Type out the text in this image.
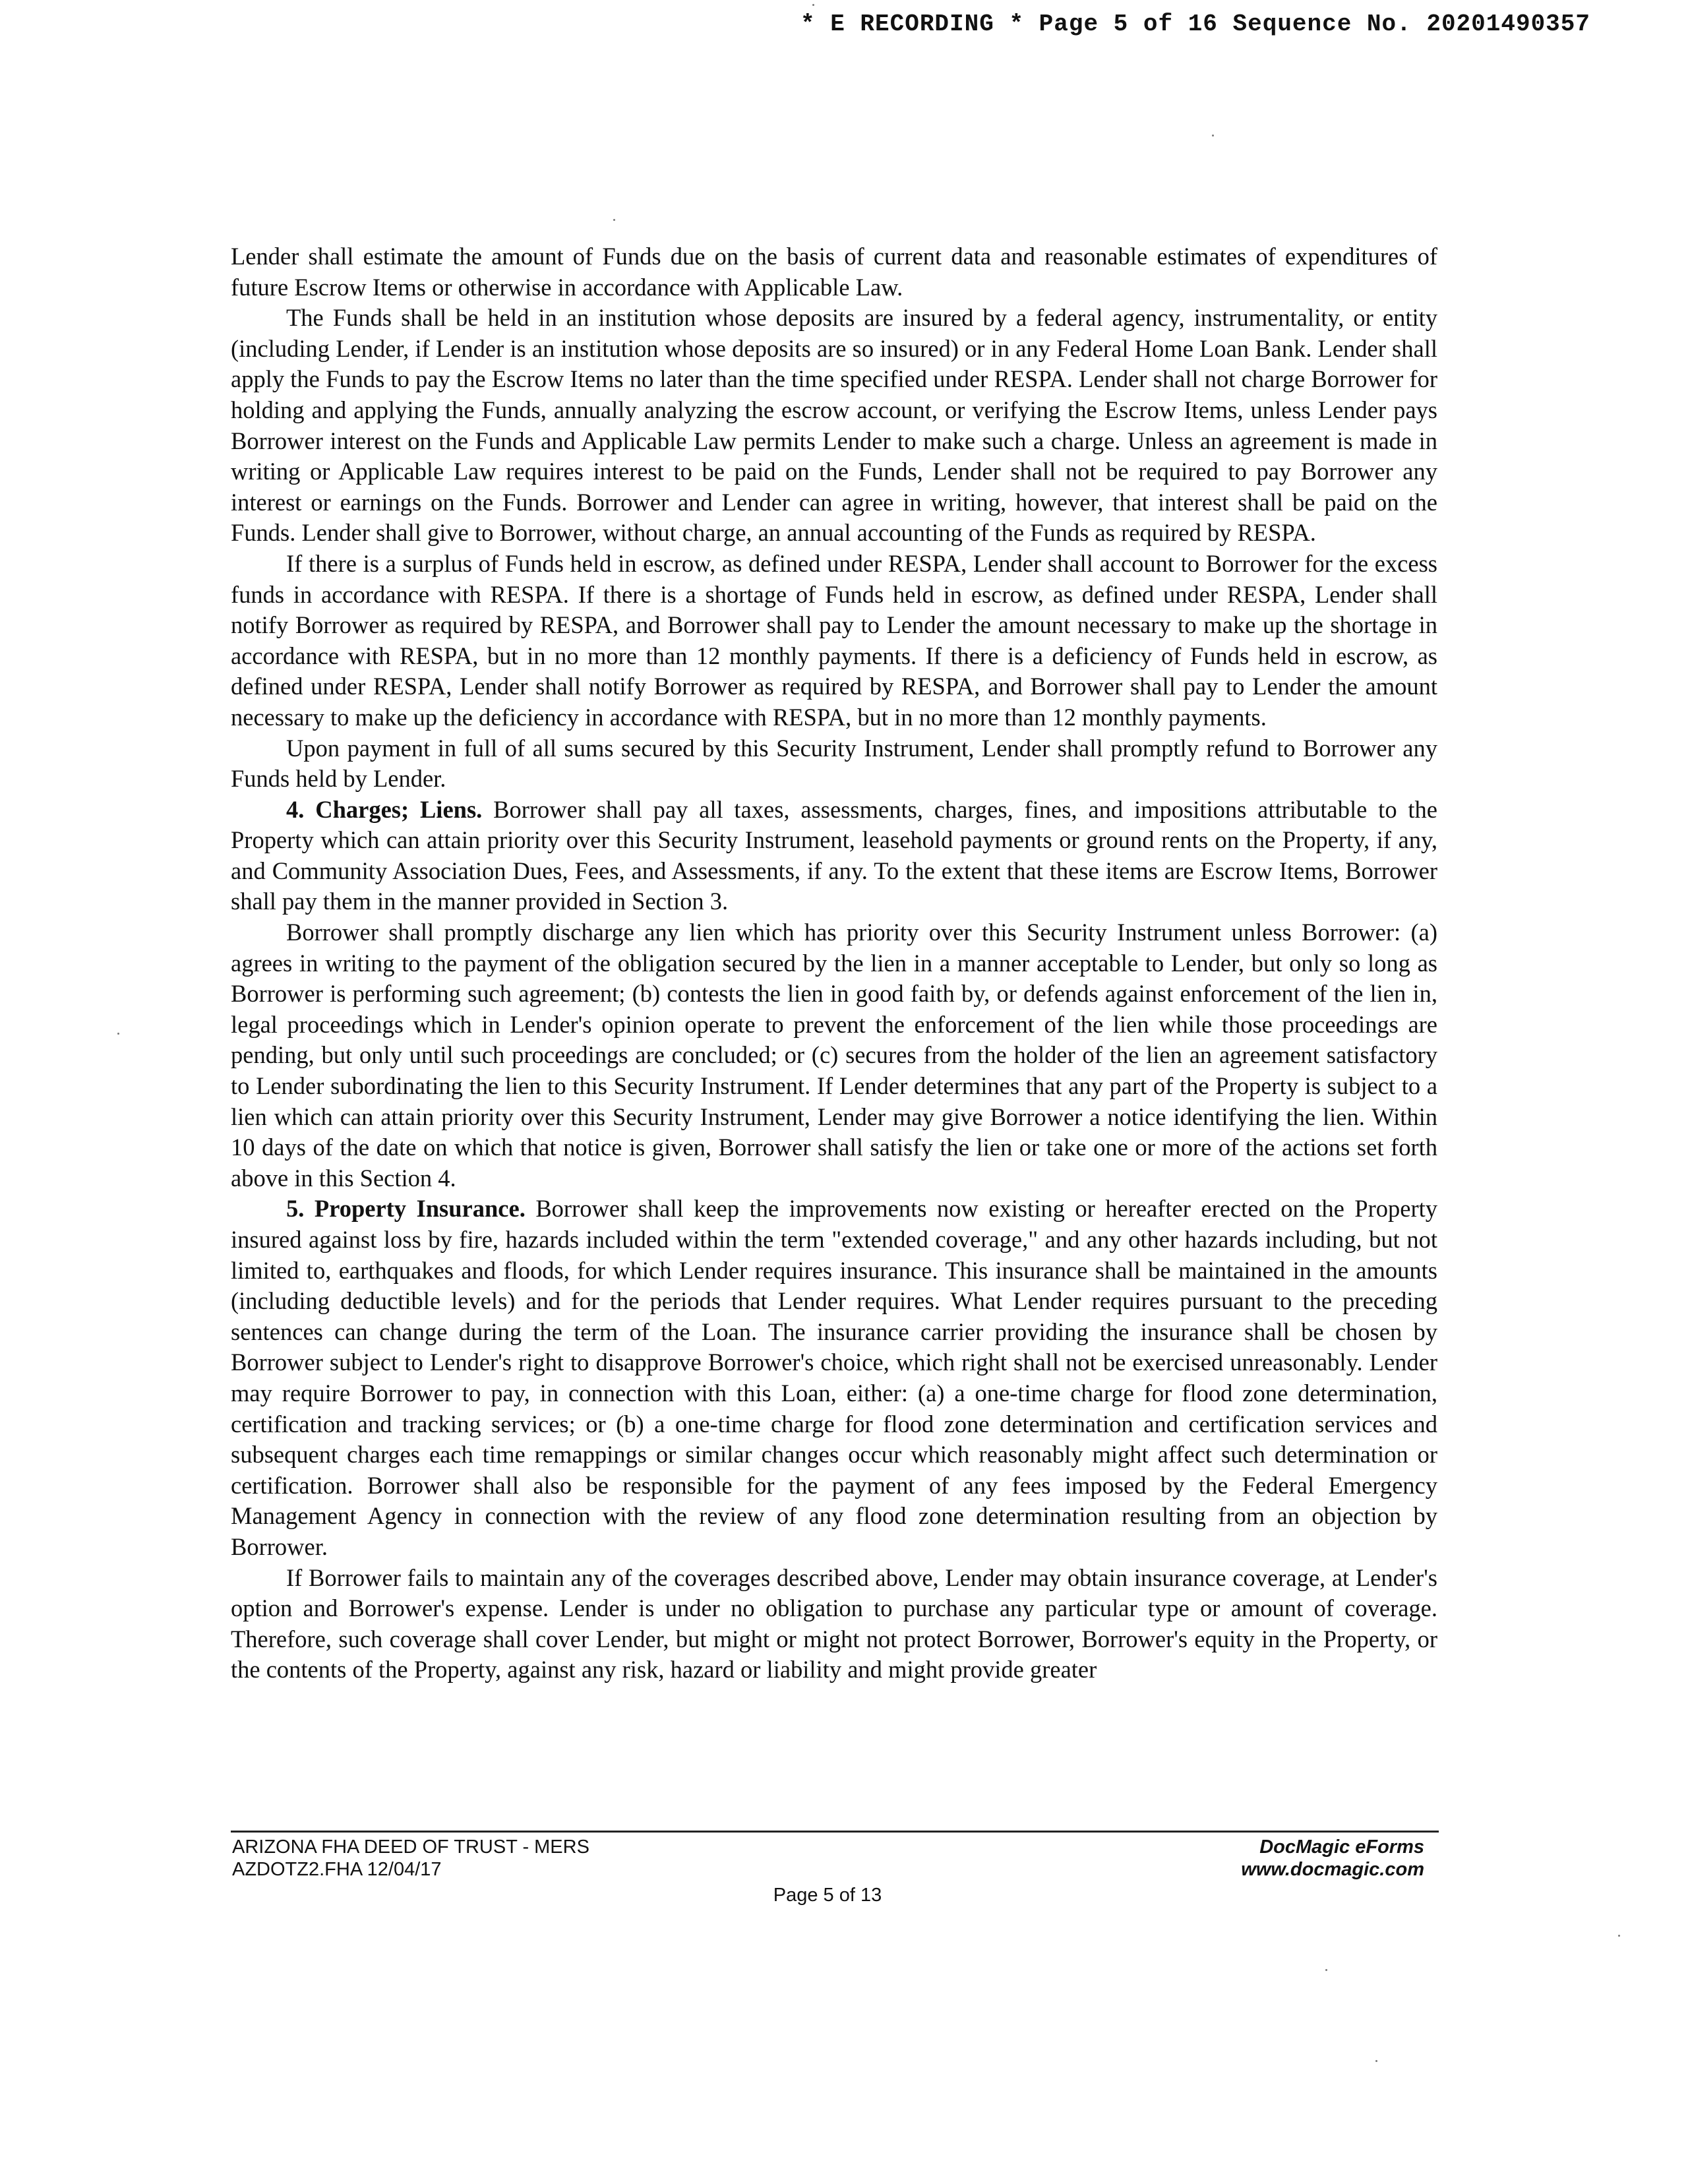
* E RECORDING * Page 5 of 16 Sequence No. 20201490357

Lender shall estimate the amount of Funds due on the basis of current data and reasonable estimates of expenditures of future Escrow Items or otherwise in accordance with Applicable Law.

The Funds shall be held in an institution whose deposits are insured by a federal agency, instrumentality, or entity (including Lender, if Lender is an institution whose deposits are so insured) or in any Federal Home Loan Bank. Lender shall apply the Funds to pay the Escrow Items no later than the time specified under RESPA. Lender shall not charge Borrower for holding and applying the Funds, annually analyzing the escrow account, or verifying the Escrow Items, unless Lender pays Borrower interest on the Funds and Applicable Law permits Lender to make such a charge. Unless an agreement is made in writing or Applicable Law requires interest to be paid on the Funds, Lender shall not be required to pay Borrower any interest or earnings on the Funds. Borrower and Lender can agree in writing, however, that interest shall be paid on the Funds. Lender shall give to Borrower, without charge, an annual accounting of the Funds as required by RESPA.

If there is a surplus of Funds held in escrow, as defined under RESPA, Lender shall account to Borrower for the excess funds in accordance with RESPA. If there is a shortage of Funds held in escrow, as defined under RESPA, Lender shall notify Borrower as required by RESPA, and Borrower shall pay to Lender the amount necessary to make up the shortage in accordance with RESPA, but in no more than 12 monthly payments. If there is a deficiency of Funds held in escrow, as defined under RESPA, Lender shall notify Borrower as required by RESPA, and Borrower shall pay to Lender the amount necessary to make up the deficiency in accordance with RESPA, but in no more than 12 monthly payments.

Upon payment in full of all sums secured by this Security Instrument, Lender shall promptly refund to Borrower any Funds held by Lender.

4. Charges; Liens. Borrower shall pay all taxes, assessments, charges, fines, and impositions attributable to the Property which can attain priority over this Security Instrument, leasehold payments or ground rents on the Property, if any, and Community Association Dues, Fees, and Assessments, if any. To the extent that these items are Escrow Items, Borrower shall pay them in the manner provided in Section 3.

Borrower shall promptly discharge any lien which has priority over this Security Instrument unless Borrower: (a) agrees in writing to the payment of the obligation secured by the lien in a manner acceptable to Lender, but only so long as Borrower is performing such agreement; (b) contests the lien in good faith by, or defends against enforcement of the lien in, legal proceedings which in Lender's opinion operate to prevent the enforcement of the lien while those proceedings are pending, but only until such proceedings are concluded; or (c) secures from the holder of the lien an agreement satisfactory to Lender subordinating the lien to this Security Instrument. If Lender determines that any part of the Property is subject to a lien which can attain priority over this Security Instrument, Lender may give Borrower a notice identifying the lien. Within 10 days of the date on which that notice is given, Borrower shall satisfy the lien or take one or more of the actions set forth above in this Section 4.

5. Property Insurance. Borrower shall keep the improvements now existing or hereafter erected on the Property insured against loss by fire, hazards included within the term "extended coverage," and any other hazards including, but not limited to, earthquakes and floods, for which Lender requires insurance. This insurance shall be maintained in the amounts (including deductible levels) and for the periods that Lender requires. What Lender requires pursuant to the preceding sentences can change during the term of the Loan. The insurance carrier providing the insurance shall be chosen by Borrower subject to Lender's right to disapprove Borrower's choice, which right shall not be exercised unreasonably. Lender may require Borrower to pay, in connection with this Loan, either: (a) a one-time charge for flood zone determination, certification and tracking services; or (b) a one-time charge for flood zone determination and certification services and subsequent charges each time remappings or similar changes occur which reasonably might affect such determination or certification. Borrower shall also be responsible for the payment of any fees imposed by the Federal Emergency Management Agency in connection with the review of any flood zone determination resulting from an objection by Borrower.

If Borrower fails to maintain any of the coverages described above, Lender may obtain insurance coverage, at Lender's option and Borrower's expense. Lender is under no obligation to purchase any particular type or amount of coverage. Therefore, such coverage shall cover Lender, but might or might not protect Borrower, Borrower's equity in the Property, or the contents of the Property, against any risk, hazard or liability and might provide greater

ARIZONA FHA DEED OF TRUST - MERS
AZDOTZ2.FHA 12/04/17
DocMagic eForms
www.docmagic.com
Page 5 of 13
